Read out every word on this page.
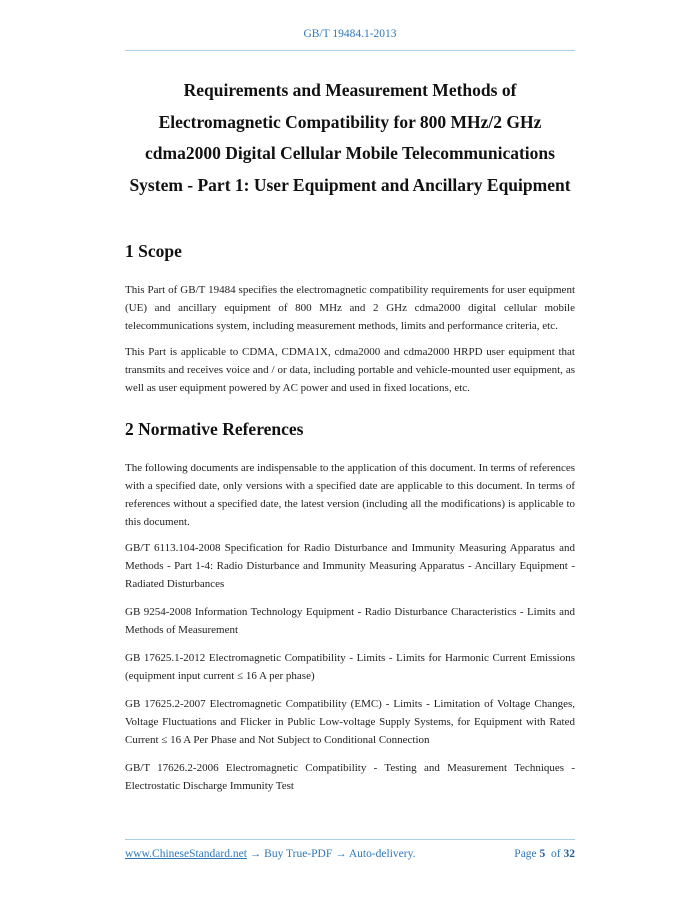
GB/T 19484.1-2013

Requirements and Measurement Methods of

Electromagnetic Compatibility for 800 MHz/2 GHz

cdma2000 Digital Cellular Mobile Telecommunications

System - Part 1: User Equipment and Ancillary Equipment

1 Scope

This Part of GB/T 19484 specifies the electromagnetic compatibility requirements for user equipment (UE) and ancillary equipment of 800 MHz and 2 GHz cdma2000 digital cellular mobile telecommunications system, including measurement methods, limits and performance criteria, etc.

This Part is applicable to CDMA, CDMA1X, cdma2000 and cdma2000 HRPD user equipment that transmits and receives voice and / or data, including portable and vehicle-mounted user equipment, as well as user equipment powered by AC power and used in fixed locations, etc.

2 Normative References

The following documents are indispensable to the application of this document. In terms of references with a specified date, only versions with a specified date are applicable to this document. In terms of references without a specified date, the latest version (including all the modifications) is applicable to this document.

GB/T 6113.104-2008 Specification for Radio Disturbance and Immunity Measuring Apparatus and Methods - Part 1-4: Radio Disturbance and Immunity Measuring Apparatus - Ancillary Equipment - Radiated Disturbances

GB 9254-2008 Information Technology Equipment - Radio Disturbance Characteristics - Limits and Methods of Measurement

GB 17625.1-2012 Electromagnetic Compatibility - Limits - Limits for Harmonic Current Emissions (equipment input current ≤ 16 A per phase)

GB 17625.2-2007 Electromagnetic Compatibility (EMC) - Limits - Limitation of Voltage Changes, Voltage Fluctuations and Flicker in Public Low-voltage Supply Systems, for Equipment with Rated Current ≤ 16 A Per Phase and Not Subject to Conditional Connection

GB/T 17626.2-2006 Electromagnetic Compatibility - Testing and Measurement Techniques - Electrostatic Discharge Immunity Test

www.ChineseStandard.net → Buy True-PDF → Auto-delivery.	Page 5 of 32
